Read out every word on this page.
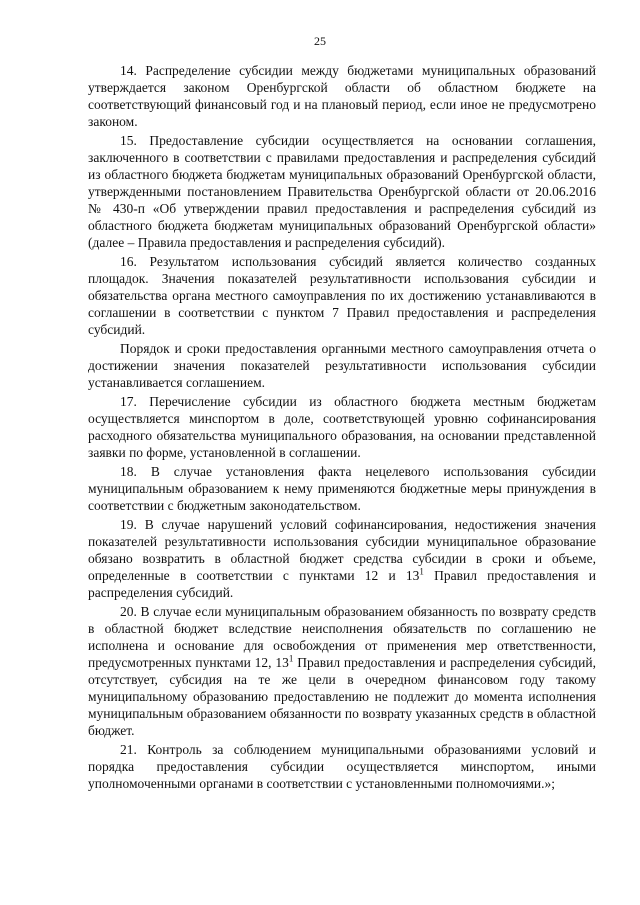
25

14. Распределение субсидии между бюджетами муниципальных образований утверждается законом Оренбургской области об областном бюджете на соответствующий финансовый год и на плановый период, если иное не предусмотрено законом.

15. Предоставление субсидии осуществляется на основании соглашения, заключенного в соответствии с правилами предоставления и распределения субсидий из областного бюджета бюджетам муниципальных образований Оренбургской области, утвержденными постановлением Правительства Оренбургской области от 20.06.2016 № 430-п «Об утверждении правил предоставления и распределения субсидий из областного бюджета бюджетам муниципальных образований Оренбургской области» (далее – Правила предоставления и распределения субсидий).

16. Результатом использования субсидий является количество созданных площадок. Значения показателей результативности использования субсидии и обязательства органа местного самоуправления по их достижению устанавливаются в соглашении в соответствии с пунктом 7 Правил предоставления и распределения субсидий.

Порядок и сроки предоставления органными местного самоуправления отчета о достижении значения показателей результативности использования субсидии устанавливается соглашением.

17. Перечисление субсидии из областного бюджета местным бюджетам осуществляется минспортом в доле, соответствующей уровню софинансирования расходного обязательства муниципального образования, на основании представленной заявки по форме, установленной в соглашении.

18. В случае установления факта нецелевого использования субсидии муниципальным образованием к нему применяются бюджетные меры принуждения в соответствии с бюджетным законодательством.

19. В случае нарушений условий софинансирования, недостижения значения показателей результативности использования субсидии муниципальное образование обязано возвратить в областной бюджет средства субсидии в сроки и объеме, определенные в соответствии с пунктами 12 и $13^1$ Правил предоставления и распределения субсидий.

20. В случае если муниципальным образованием обязанность по возврату средств в областной бюджет вследствие неисполнения обязательств по соглашению не исполнена и основание для освобождения от применения мер ответственности, предусмотренных пунктами 12, $13^1$ Правил предоставления и распределения субсидий, отсутствует, субсидия на те же цели в очередном финансовом году такому муниципальному образованию предоставлению не подлежит до момента исполнения муниципальным образованием обязанности по возврату указанных средств в областной бюджет.

21. Контроль за соблюдением муниципальными образованиями условий и порядка предоставления субсидии осуществляется минспортом, иными уполномоченными органами в соответствии с установленными полномочиями.»;
